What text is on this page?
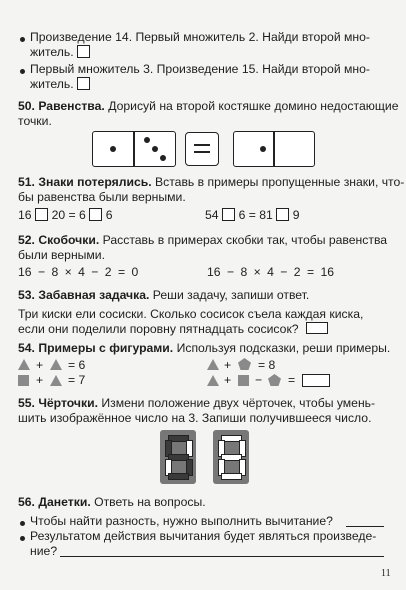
Произведение 14. Первый множитель 2. Найди второй мно-
житель.
Первый множитель 3. Произведение 15. Найди второй мно-
житель.
50. Равенства. Дорисуй на второй костяшке домино недостающие
точки.
51. Знаки потерялись. Вставь в примеры пропущенные знаки, что-
бы равенства были верными.
16 20 = 6 6	54 6 = 81 9
52. Скобочки. Расставь в примерах скобки так, чтобы равенства
были верными.
16 − 8 × 4 − 2 = 0	16 − 8 × 4 − 2 = 16
53. Забавная задачка. Реши задачу, запиши ответ.
Три киски ели сосиски. Сколько сосисок съела каждая киска,
если они поделили поровну пятнадцать сосисок?
54. Примеры с фигурами. Используя подсказки, реши примеры.
+ = 6
+ = 7
+ = 8
+ − =
55. Чёрточки. Измени положение двух чёрточек, чтобы умень-
шить изображённое число на 3. Запиши получившееся число.
56. Данетки. Ответь на вопросы.
Чтобы найти разность, нужно выполнить вычитание?
Результатом действия вычитания будет являться произведе-
ние?
11
